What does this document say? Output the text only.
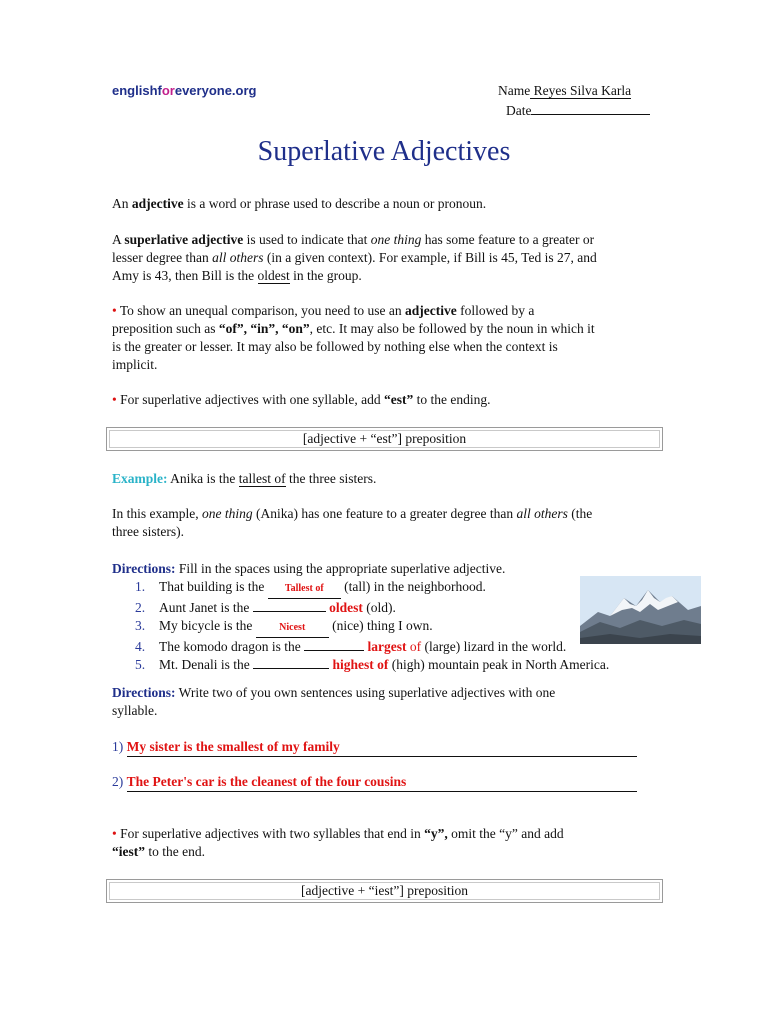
englishforeveryone.org	Name Reyes Silva Karla
Date
Superlative Adjectives
An adjective is a word or phrase used to describe a noun or pronoun.
A superlative adjective is used to indicate that one thing has some feature to a greater or
lesser degree than all others (in a given context). For example, if Bill is 45, Ted is 27, and
Amy is 43, then Bill is the oldest in the group.
• To show an unequal comparison, you need to use an adjective followed by a
preposition such as “of”, “in”, “on”, etc. It may also be followed by the noun in which it
is the greater or lesser. It may also be followed by nothing else when the context is
implicit.
• For superlative adjectives with one syllable, add “est” to the ending.
[adjective + “est”] preposition
Example: Anika is the tallest of the three sisters.
In this example, one thing (Anika) has one feature to a greater degree than all others (the
three sisters).
Directions: Fill in the spaces using the appropriate superlative adjective.
1. That building is the Tallest of (tall) in the neighborhood.
2. Aunt Janet is the	oldest (old).
3. My bicycle is the Nicest (nice) thing I own.
4. The komodo dragon is the	largest of (large) lizard in the world.
5. Mt. Denali is the	highest of (high) mountain peak in North America.
Directions: Write two of you own sentences using superlative adjectives with one
syllable.
1) My sister is the smallest of my family
2) The Peter's car is the cleanest of the four cousins
• For superlative adjectives with two syllables that end in “y”, omit the “y” and add
“iest” to the end.
[adjective + “iest”] preposition
